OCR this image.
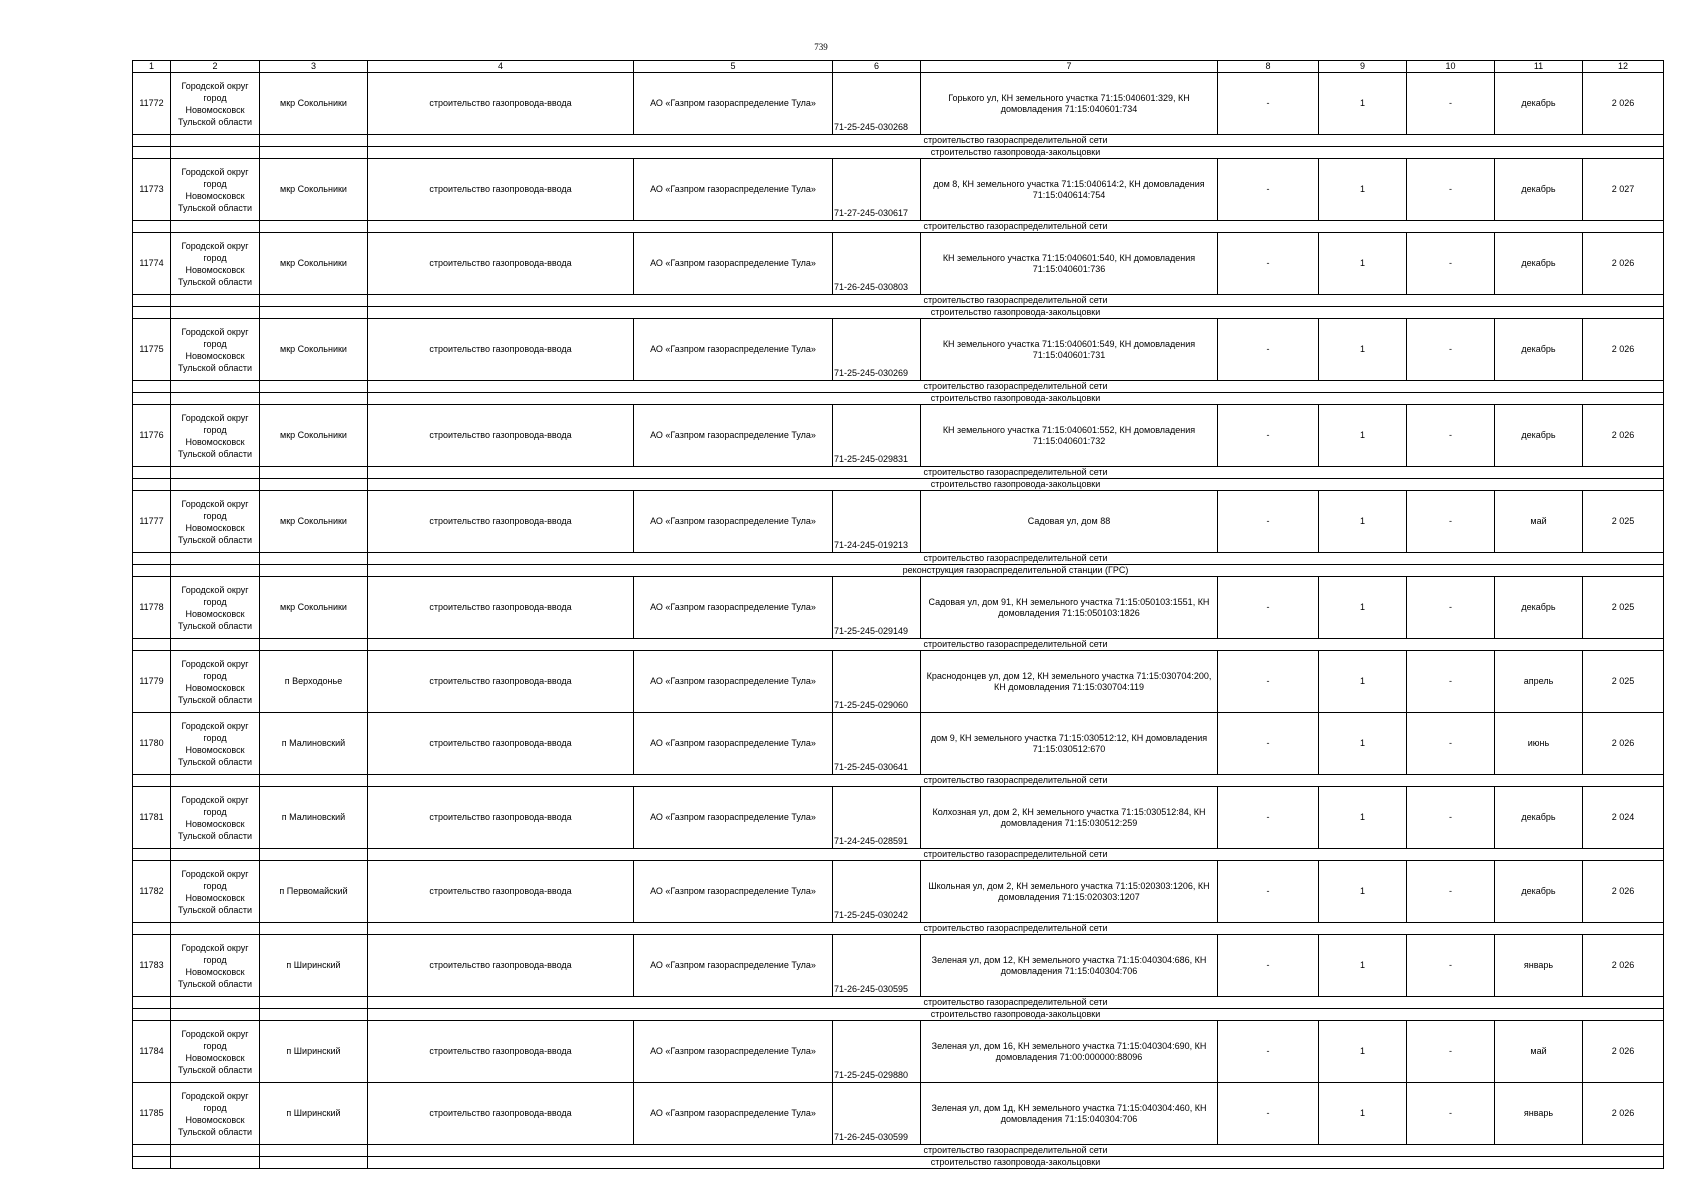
739
1	2	3	4	5	6	7	8	9	10	11	12
11772	Городской округ город Новомосковск Тульской области	мкр Сокольники	строительство газопровода-ввода	АО «Газпром газораспределение Тула»	71-25-245-030268	Горького ул, КН земельного участка 71:15:040601:329, КН домовладения 71:15:040601:734	-	1	-	декабрь	2 026
			строительство газораспределительной сети								
			строительство газопровода-закольцовки								
11773	Городской округ город Новомосковск Тульской области	мкр Сокольники	строительство газопровода-ввода	АО «Газпром газораспределение Тула»	71-27-245-030617	дом 8, КН земельного участка 71:15:040614:2, КН домовладения 71:15:040614:754	-	1	-	декабрь	2 027
			строительство газораспределительной сети								
11774	Городской округ город Новомосковск Тульской области	мкр Сокольники	строительство газопровода-ввода	АО «Газпром газораспределение Тула»	71-26-245-030803	КН земельного участка 71:15:040601:540, КН домовладения 71:15:040601:736	-	1	-	декабрь	2 026
			строительство газораспределительной сети								
			строительство газопровода-закольцовки								
11775	Городской округ город Новомосковск Тульской области	мкр Сокольники	строительство газопровода-ввода	АО «Газпром газораспределение Тула»	71-25-245-030269	КН земельного участка 71:15:040601:549, КН домовладения 71:15:040601:731	-	1	-	декабрь	2 026
			строительство газораспределительной сети								
			строительство газопровода-закольцовки								
11776	Городской округ город Новомосковск Тульской области	мкр Сокольники	строительство газопровода-ввода	АО «Газпром газораспределение Тула»	71-25-245-029831	КН земельного участка 71:15:040601:552, КН домовладения 71:15:040601:732	-	1	-	декабрь	2 026
			строительство газораспределительной сети								
			строительство газопровода-закольцовки								
11777	Городской округ город Новомосковск Тульской области	мкр Сокольники	строительство газопровода-ввода	АО «Газпром газораспределение Тула»	71-24-245-019213	Садовая ул, дом 88	-	1	-	май	2 025
			строительство газораспределительной сети								
			реконструкция газораспределительной станции (ГРС)								
11778	Городской округ город Новомосковск Тульской области	мкр Сокольники	строительство газопровода-ввода	АО «Газпром газораспределение Тула»	71-25-245-029149	Садовая ул, дом 91, КН земельного участка 71:15:050103:1551, КН домовладения 71:15:050103:1826	-	1	-	декабрь	2 025
			строительство газораспределительной сети								
11779	Городской округ город Новомосковск Тульской области	п Верходонье	строительство газопровода-ввода	АО «Газпром газораспределение Тула»	71-25-245-029060	Краснодонцев ул, дом 12, КН земельного участка 71:15:030704:200, КН домовладения 71:15:030704:119	-	1	-	апрель	2 025
11780	Городской округ город Новомосковск Тульской области	п Малиновский	строительство газопровода-ввода	АО «Газпром газораспределение Тула»	71-25-245-030641	дом 9, КН земельного участка 71:15:030512:12, КН домовладения 71:15:030512:670	-	1	-	июнь	2 026
			строительство газораспределительной сети								
11781	Городской округ город Новомосковск Тульской области	п Малиновский	строительство газопровода-ввода	АО «Газпром газораспределение Тула»	71-24-245-028591	Колхозная ул, дом 2, КН земельного участка 71:15:030512:84, КН домовладения 71:15:030512:259	-	1	-	декабрь	2 024
			строительство газораспределительной сети								
11782	Городской округ город Новомосковск Тульской области	п Первомайский	строительство газопровода-ввода	АО «Газпром газораспределение Тула»	71-25-245-030242	Школьная ул, дом 2, КН земельного участка 71:15:020303:1206, КН домовладения 71:15:020303:1207	-	1	-	декабрь	2 026
			строительство газораспределительной сети								
11783	Городской округ город Новомосковск Тульской области	п Ширинский	строительство газопровода-ввода	АО «Газпром газораспределение Тула»	71-26-245-030595	Зеленая ул, дом 12, КН земельного участка 71:15:040304:686, КН домовладения 71:15:040304:706	-	1	-	январь	2 026
			строительство газораспределительной сети								
			строительство газопровода-закольцовки								
11784	Городской округ город Новомосковск Тульской области	п Ширинский	строительство газопровода-ввода	АО «Газпром газораспределение Тула»	71-25-245-029880	Зеленая ул, дом 16, КН земельного участка 71:15:040304:690, КН домовладения 71:00:000000:88096	-	1	-	май	2 026
11785	Городской округ город Новомосковск Тульской области	п Ширинский	строительство газопровода-ввода	АО «Газпром газораспределение Тула»	71-26-245-030599	Зеленая ул, дом 1д, КН земельного участка 71:15:040304:460, КН домовладения 71:15:040304:706	-	1	-	январь	2 026
			строительство газораспределительной сети								
			строительство газопровода-закольцовки								
